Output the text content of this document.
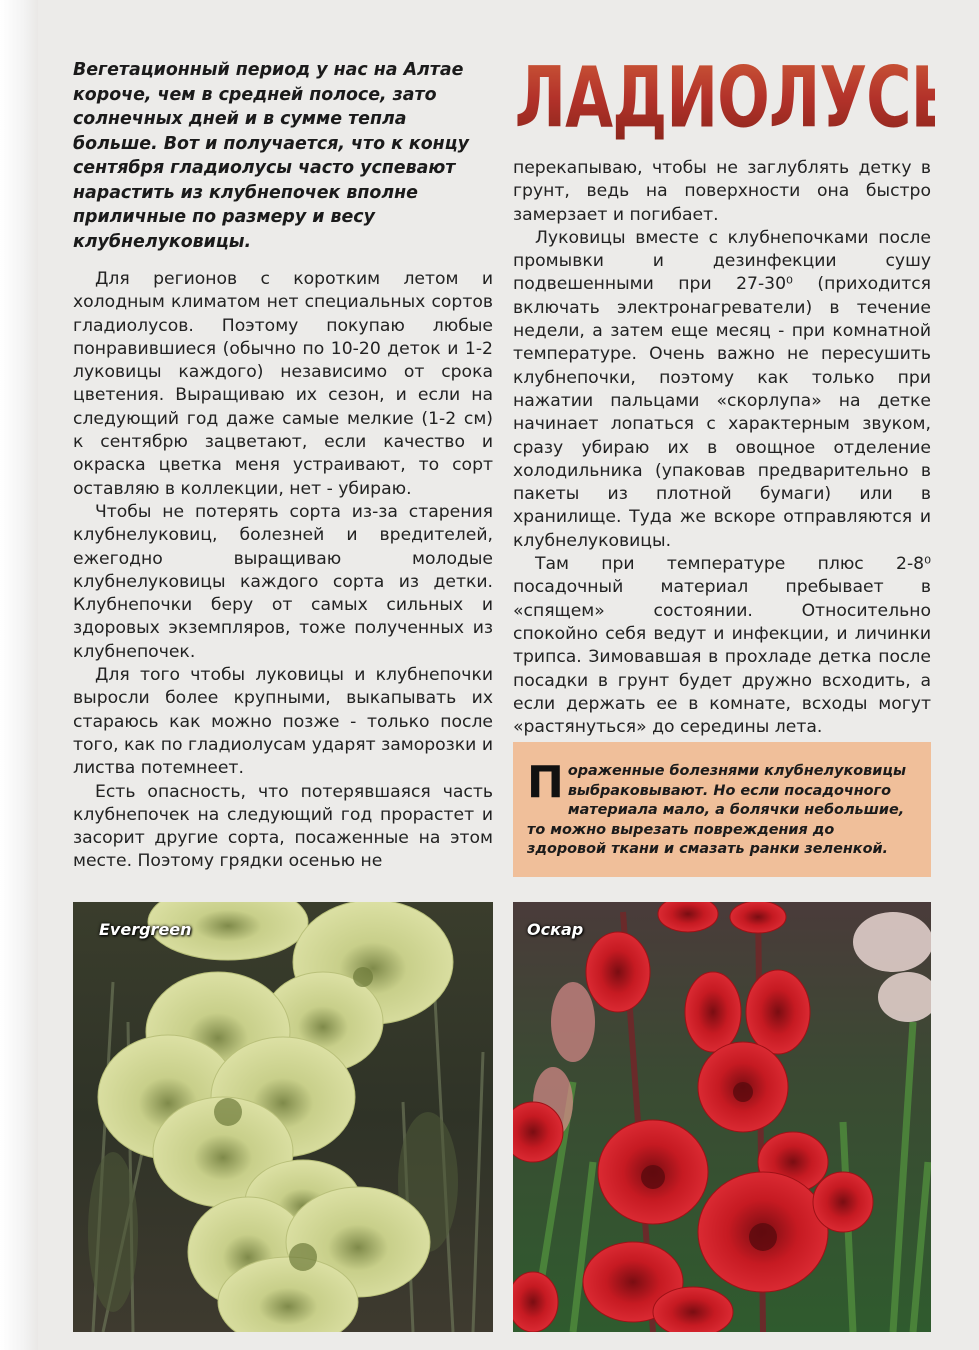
Вегетационный период у нас на Алтае короче, чем в средней полосе, зато солнечных дней и в сумме тепла больше. Вот и получается, что к концу сентября гладиолусы часто успевают нарастить из клубнепочек вполне приличные по размеру и весу клубнелуковицы.

ГЛАДИОЛУСЫ

Для регионов с коротким летом и холодным климатом нет специальных сортов гладиолусов. Поэтому покупаю любые понравившиеся (обычно по 10-20 деток и 1-2 луковицы каждого) независимо от срока цветения. Выращиваю их сезон, и если на следующий год даже самые мелкие (1-2 см) к сентябрю зацветают, если качество и окраска цветка меня устраивают, то сорт оставляю в коллекции, нет - убираю.

Чтобы не потерять сорта из-за старения клубнелуковиц, болезней и вредителей, ежегодно выращиваю молодые клубнелуковицы каждого сорта из детки. Клубнепочки беру от самых сильных и здоровых экземпляров, тоже полученных из клубнепочек.

Для того чтобы луковицы и клубнепочки выросли более крупными, выкапывать их стараюсь как можно позже - только после того, как по гладиолусам ударят заморозки и листва потемнеет.

Есть опасность, что потерявшаяся часть клубнепочек на следующий год прорастет и засорит другие сорта, посаженные на этом месте. Поэтому грядки осенью не

перекапываю, чтобы не заглублять детку в грунт, ведь на поверхности она быстро замерзает и погибает.

Луковицы вместе с клубнепочками после промывки и дезинфекции сушу подвешенными при 27-30⁰ (приходится включать электронагреватели) в течение недели, а затем еще месяц - при комнатной температуре. Очень важно не пересушить клубнепочки, поэтому как только при нажатии пальцами «скорлупа» на детке начинает лопаться с характерным звуком, сразу убираю их в овощное отделение холодильника (упаковав предварительно в пакеты из плотной бумаги) или в хранилище. Туда же вскоре отправляются и клубнелуковицы.

Там при температуре плюс 2-8⁰ посадочный материал пребывает в «спящем» состоянии. Относительно спокойно себя ведут и инфекции, и личинки трипса. Зимовавшая в прохладе детка после посадки в грунт будет дружно всходить, а если держать ее в комнате, всходы могут «растянуться» до середины лета.

Пораженные болезнями клубнелуковицы выбраковывают. Но если посадочного материала мало, а болячки небольшие, то можно вырезать повреждения до здоровой ткани и смазать ранки зеленкой.

Evergreen	Оскар
